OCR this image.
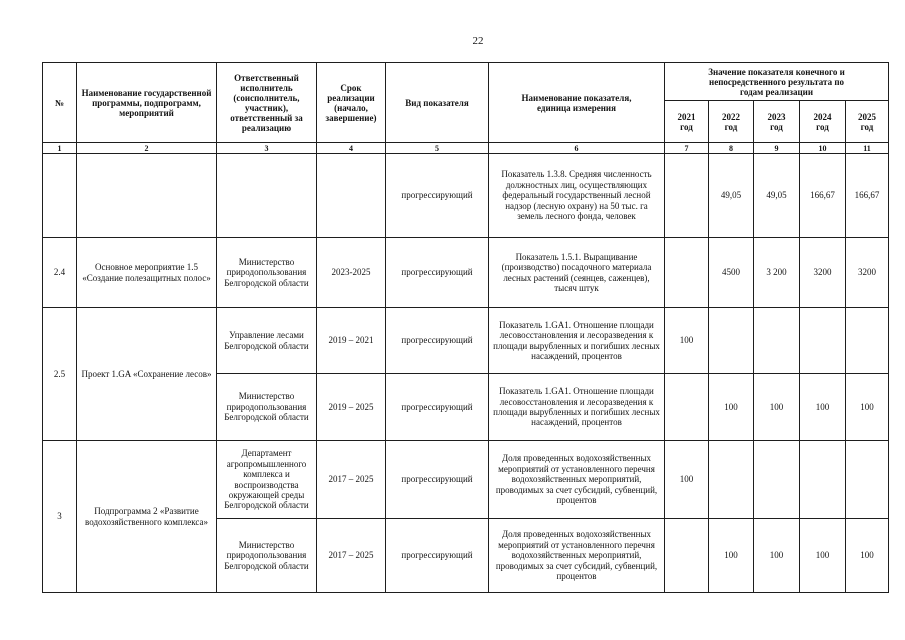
22
№	Наименование государственной программы, подпрограмм, мероприятий	Ответственный исполнитель (соисполнитель, участник), ответственный за реализацию	Срок реализации (начало, завершение)	Вид показателя	Наименование показателя, единица измерения	Значение показателя конечного и непосредственного результата по годам реализации				

						2021 год	2022 год	2023 год	2024 год	2025 год

1	2	3	4	5	6	7	8	9	10	11
				прогрессирующий	Показатель 1.3.8. Средняя численность должностных лиц, осуществляющих федеральный государственный лесной надзор (лесную охрану) на 50 тыс. га земель лесного фонда, человек		49,05	49,05	166,67	166,67
2.4	Основное мероприятие 1.5 «Создание полезащитных полос»	Министерство природопользования Белгородской области	2023-2025	прогрессирующий	Показатель 1.5.1. Выращивание (производство) посадочного материала лесных растений (сеянцев, саженцев), тысяч штук		4500	3 200	3200	3200
2.5	Проект 1.GA «Сохранение лесов»	Управление лесами Белгородской области	2019 – 2021	прогрессирующий	Показатель 1.GA1. Отношение площади лесовосстановления и лесоразведения к площади вырубленных и погибших лесных насаждений, процентов	100				
		Министерство природопользования Белгородской области	2019 – 2025	прогрессирующий	Показатель 1.GA1. Отношение площади лесовосстановления и лесоразведения к площади вырубленных и погибших лесных насаждений, процентов		100	100	100	100
3	Подпрограмма 2 «Развитие водохозяйственного комплекса»	Департамент агропромышленного комплекса и воспроизводства окружающей среды Белгородской области	2017 – 2025	прогрессирующий	Доля проведенных водохозяйственных мероприятий от установленного перечня водохозяйственных мероприятий, проводимых за счет субсидий, субвенций, процентов	100				
		Министерство природопользования Белгородской области	2017 – 2025	прогрессирующий	Доля проведенных водохозяйственных мероприятий от установленного перечня водохозяйственных мероприятий, проводимых за счет субсидий, субвенций, процентов		100	100	100	100
